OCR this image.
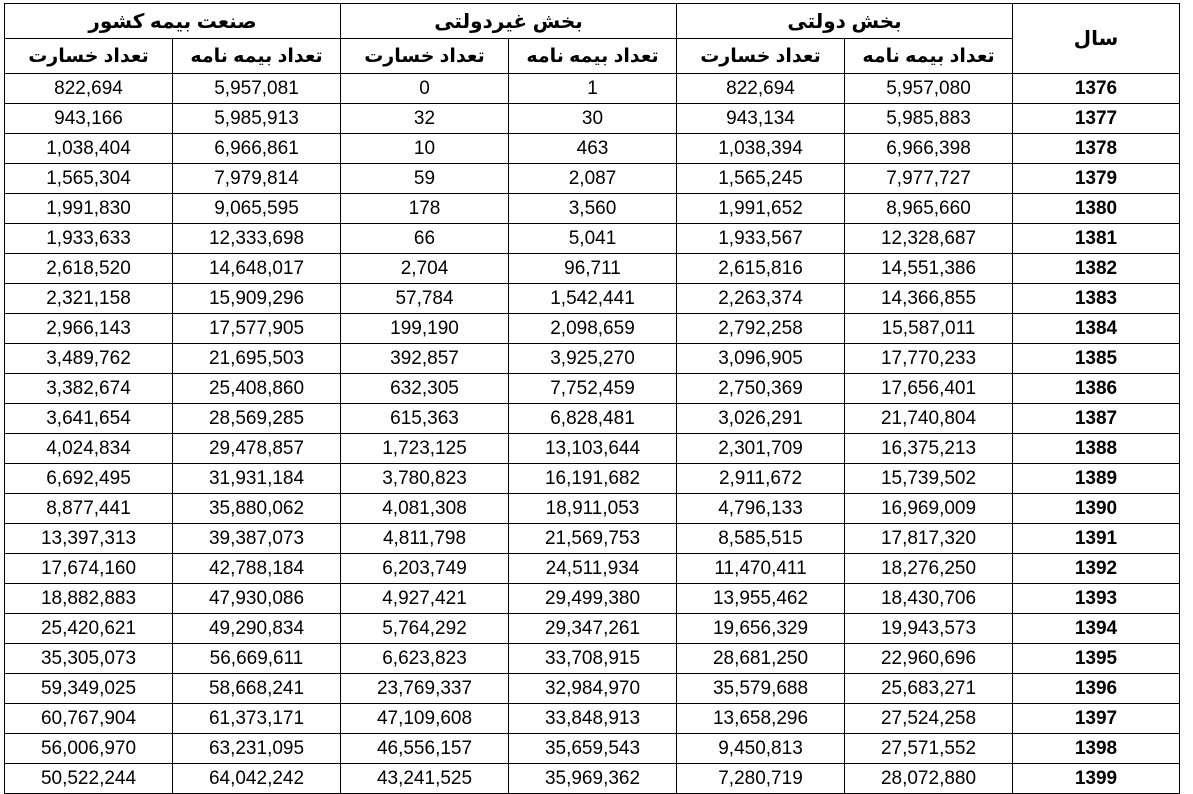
سال	بخش دولتی		بخش غیردولتی		صنعت بیمه کشور	
	تعداد بیمه نامه	تعداد خسارت	تعداد بیمه نامه	تعداد خسارت	تعداد بیمه نامه	تعداد خسارت
1376	5,957,080	822,694	1	0	5,957,081	822,694
1377	5,985,883	943,134	30	32	5,985,913	943,166
1378	6,966,398	1,038,394	463	10	6,966,861	1,038,404
1379	7,977,727	1,565,245	2,087	59	7,979,814	1,565,304
1380	8,965,660	1,991,652	3,560	178	9,065,595	1,991,830
1381	12,328,687	1,933,567	5,041	66	12,333,698	1,933,633
1382	14,551,386	2,615,816	96,711	2,704	14,648,017	2,618,520
1383	14,366,855	2,263,374	1,542,441	57,784	15,909,296	2,321,158
1384	15,587,011	2,792,258	2,098,659	199,190	17,577,905	2,966,143
1385	17,770,233	3,096,905	3,925,270	392,857	21,695,503	3,489,762
1386	17,656,401	2,750,369	7,752,459	632,305	25,408,860	3,382,674
1387	21,740,804	3,026,291	6,828,481	615,363	28,569,285	3,641,654
1388	16,375,213	2,301,709	13,103,644	1,723,125	29,478,857	4,024,834
1389	15,739,502	2,911,672	16,191,682	3,780,823	31,931,184	6,692,495
1390	16,969,009	4,796,133	18,911,053	4,081,308	35,880,062	8,877,441
1391	17,817,320	8,585,515	21,569,753	4,811,798	39,387,073	13,397,313
1392	18,276,250	11,470,411	24,511,934	6,203,749	42,788,184	17,674,160
1393	18,430,706	13,955,462	29,499,380	4,927,421	47,930,086	18,882,883
1394	19,943,573	19,656,329	29,347,261	5,764,292	49,290,834	25,420,621
1395	22,960,696	28,681,250	33,708,915	6,623,823	56,669,611	35,305,073
1396	25,683,271	35,579,688	32,984,970	23,769,337	58,668,241	59,349,025
1397	27,524,258	13,658,296	33,848,913	47,109,608	61,373,171	60,767,904
1398	27,571,552	9,450,813	35,659,543	46,556,157	63,231,095	56,006,970
1399	28,072,880	7,280,719	35,969,362	43,241,525	64,042,242	50,522,244
